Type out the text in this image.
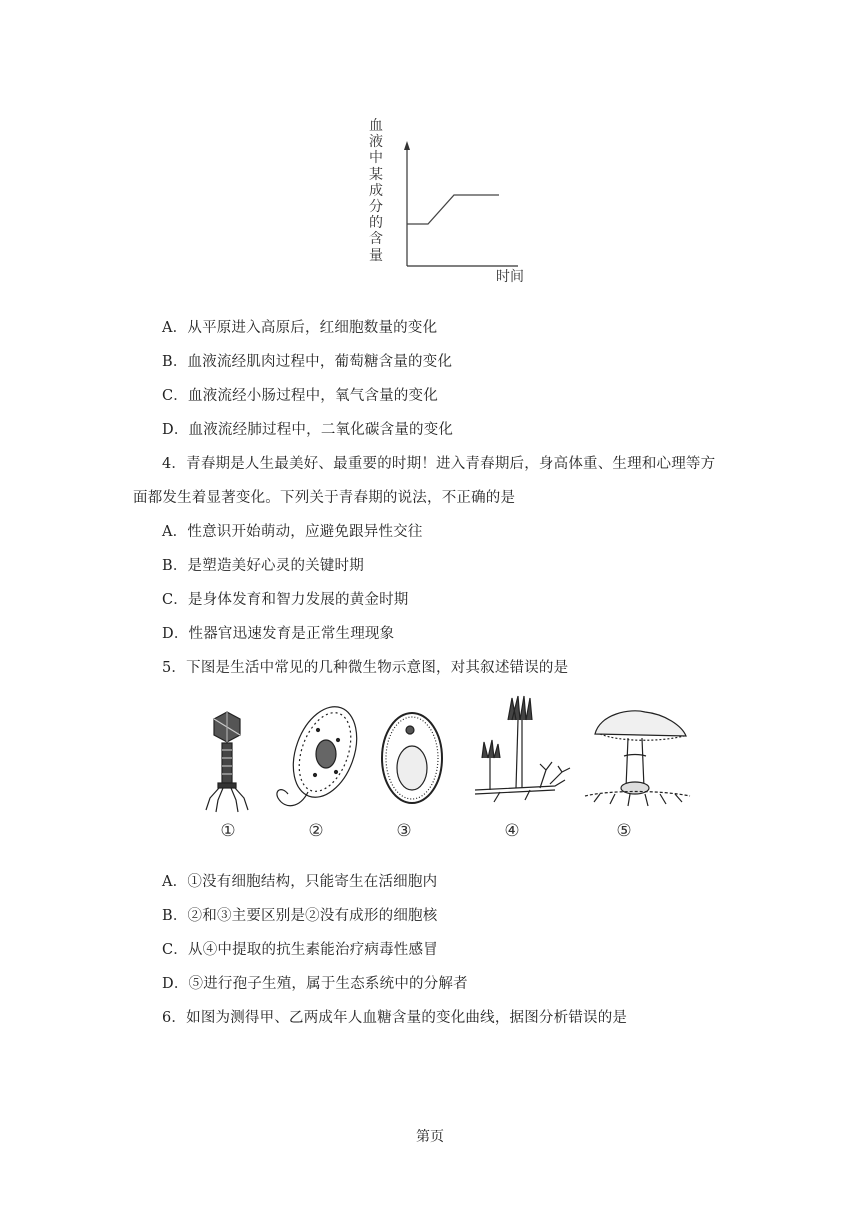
血液中某成分的含量
时间
A．从平原进入高原后，红细胞数量的变化
B．血液流经肌肉过程中，葡萄糖含量的变化
C．血液流经小肠过程中，氧气含量的变化
D．血液流经肺过程中，二氧化碳含量的变化
4．青春期是人生最美好、最重要的时期！进入青春期后，身高体重、生理和心理等方
面都发生着显著变化。下列关于青春期的说法，不正确的是
A．性意识开始萌动，应避免跟异性交往
B．是塑造美好心灵的关键时期
C．是身体发育和智力发展的黄金时期
D．性器官迅速发育是正常生理现象
5．下图是生活中常见的几种微生物示意图，对其叙述错误的是
①	②	③	④	⑤
A．①没有细胞结构，只能寄生在活细胞内
B．②和③主要区别是②没有成形的细胞核
C．从④中提取的抗生素能治疗病毒性感冒
D．⑤进行孢子生殖，属于生态系统中的分解者
6．如图为测得甲、乙两成年人血糖含量的变化曲线，据图分析错误的是
第页
